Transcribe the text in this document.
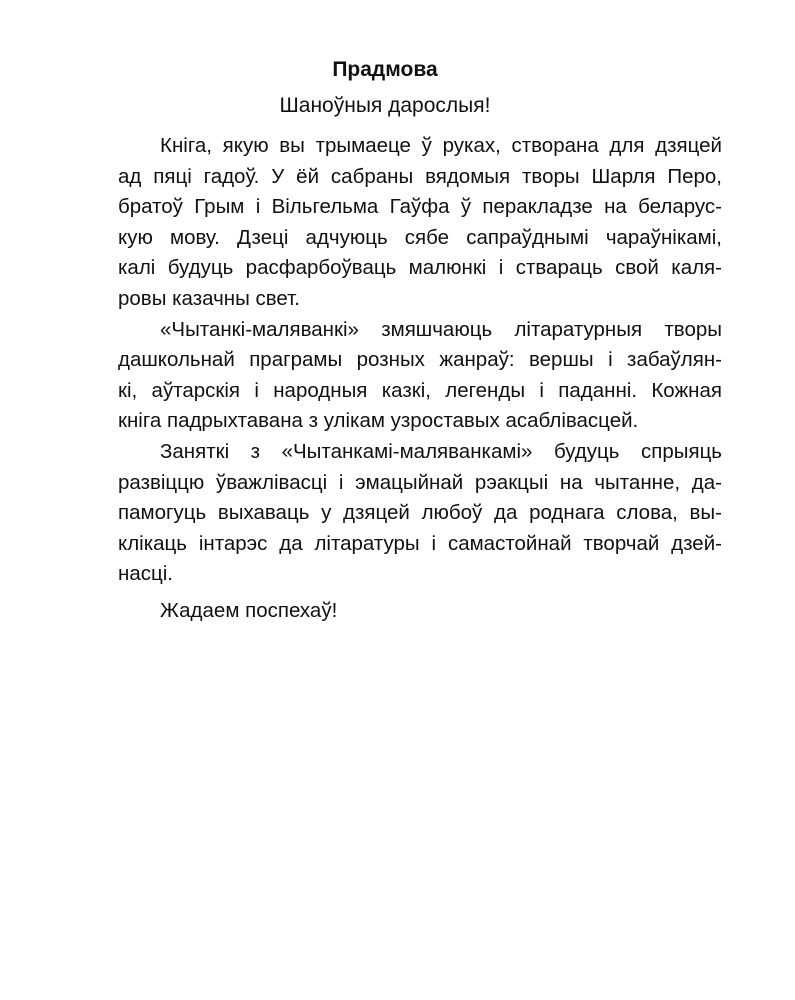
Прадмова
Шаноўныя дарослыя!
Кніга, якую вы трымаеце ў руках, створана для дзяцей
ад пяці гадоў. У ёй сабраны вядомыя творы Шарля Перо,
братоў Грым і Вільгельма Гаўфа ў перакладзе на беларус-
кую мову. Дзеці адчуюць сябе сапраўднымі чараўнікамі,
калі будуць расфарбоўваць малюнкі і ствараць свой каля-
ровы казачны свет.
«Чытанкі-маляванкі» змяшчаюць літаратурныя творы
дашкольнай праграмы розных жанраў: вершы і забаўлян-
кі, аўтарскія і народныя казкі, легенды і паданні. Кожная
кніга падрыхтавана з улікам узроставых асаблівасцей.
Заняткі з «Чытанкамі-маляванкамі» будуць спрыяць
развіццю ўважлівасці і эмацыйнай рэакцыі на чытанне, да-
памогуць выхаваць у дзяцей любоў да роднага слова, вы-
клікаць інтарэс да літаратуры і самастойнай творчай дзей-
насці.
Жадаем поспехаў!
